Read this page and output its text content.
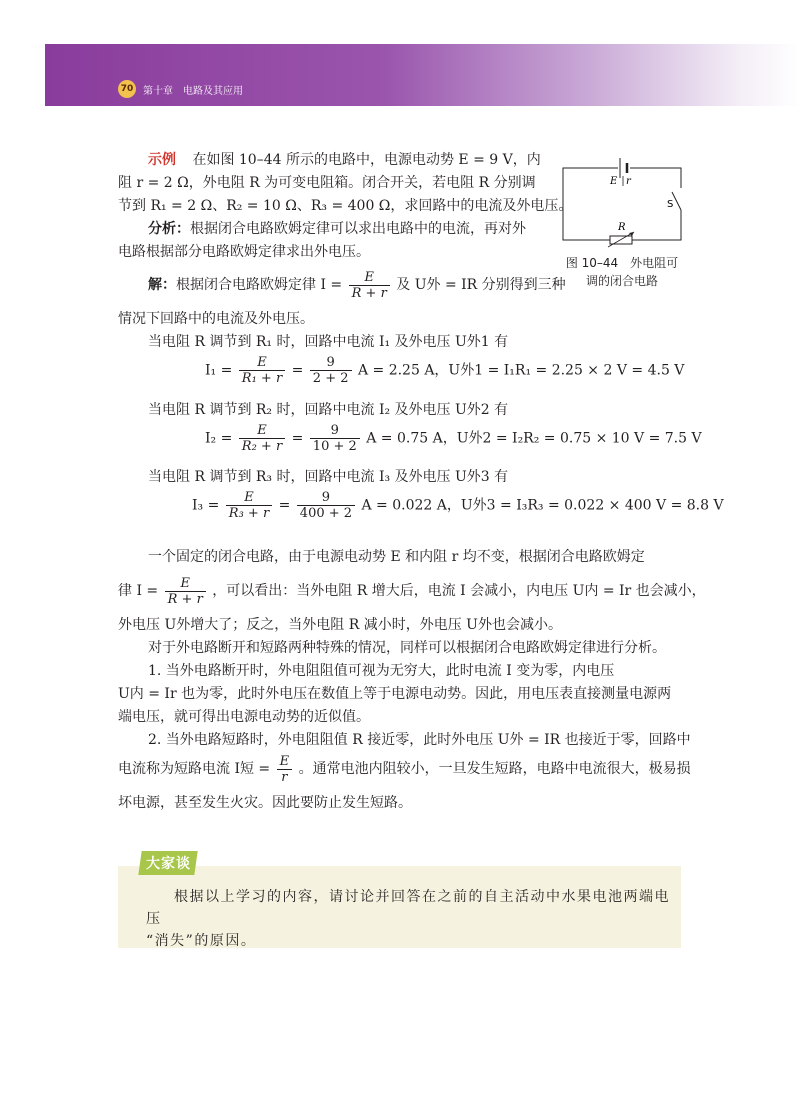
70 第十章 电路及其应用
示例 在如图 10–44 所示的电路中，电源电动势 E = 9 V，内
阻 r = 2 Ω，外电阻 R 为可变电阻箱。闭合开关，若电阻 R 分别调
节到 R₁ = 2 Ω、R₂ = 10 Ω、R₃ = 400 Ω，求回路中的电流及外电压。
分析：根据闭合电路欧姆定律可以求出电路中的电流，再对外
电路根据部分电路欧姆定律求出外电压。
解：根据闭合电路欧姆定律 $I = \frac{E}{R + r}$ 及 U外 = IR 分别得到三种
情况下回路中的电流及外电压。
当电阻 R 调节到 R₁ 时，回路中电流 I₁ 及外电压 U外1 有
$I_1 = \frac{E}{\text{R₁ + r}} = \frac{9}{2 + 2}$ A = 2.25 A，U外1 = I₁R₁ = 2.25 × 2 V = 4.5 V
当电阻 R 调节到 R₂ 时，回路中电流 I₂ 及外电压 U外2 有
$I_2 = \frac{E}{\text{R₂ + r}} = \frac{9}{10 + 2}$ A = 0.75 A，U外2 = I₂R₂ = 0.75 × 10 V = 7.5 V
当电阻 R 调节到 R₃ 时，回路中电流 I₃ 及外电压 U外3 有
$I_3 = \frac{E}{\text{R₃ + r}} = \frac{9}{400 + 2}$ A = 0.022 A，U外3 = I₃R₃ = 0.022 × 400 V = 8.8 V
E r
S
R
图 10–44　外电阻可
调的闭合电路
一个固定的闭合电路，由于电源电动势 E 和内阻 r 均不变，根据闭合电路欧姆定
律 $I = \frac{E}{R + r}$ ，可以看出：当外电阻 R 增大后，电流 I 会减小，内电压 U内 = Ir 也会减小，
外电压 U外增大了；反之，当外电阻 R 减小时，外电压 U外也会减小。
对于外电路断开和短路两种特殊的情况，同样可以根据闭合电路欧姆定律进行分析。
1. 当外电路断开时，外电阻阻值可视为无穷大，此时电流 I 变为零，内电压
U内 = Ir 也为零，此时外电压在数值上等于电源电动势。因此，用电压表直接测量电源两
端电压，就可得出电源电动势的近似值。
2. 当外电路短路时，外电阻阻值 R 接近零，此时外电压 U外 = IR 也接近于零，回路中
电流称为短路电流 I短 = $\frac{E}{r}$ 。通常电池内阻较小，一旦发生短路，电路中电流很大，极易损
坏电源，甚至发生火灾。因此要防止发生短路。
大家谈
根据以上学习的内容，请讨论并回答在之前的自主活动中水果电池两端电压
“消失”的原因。
